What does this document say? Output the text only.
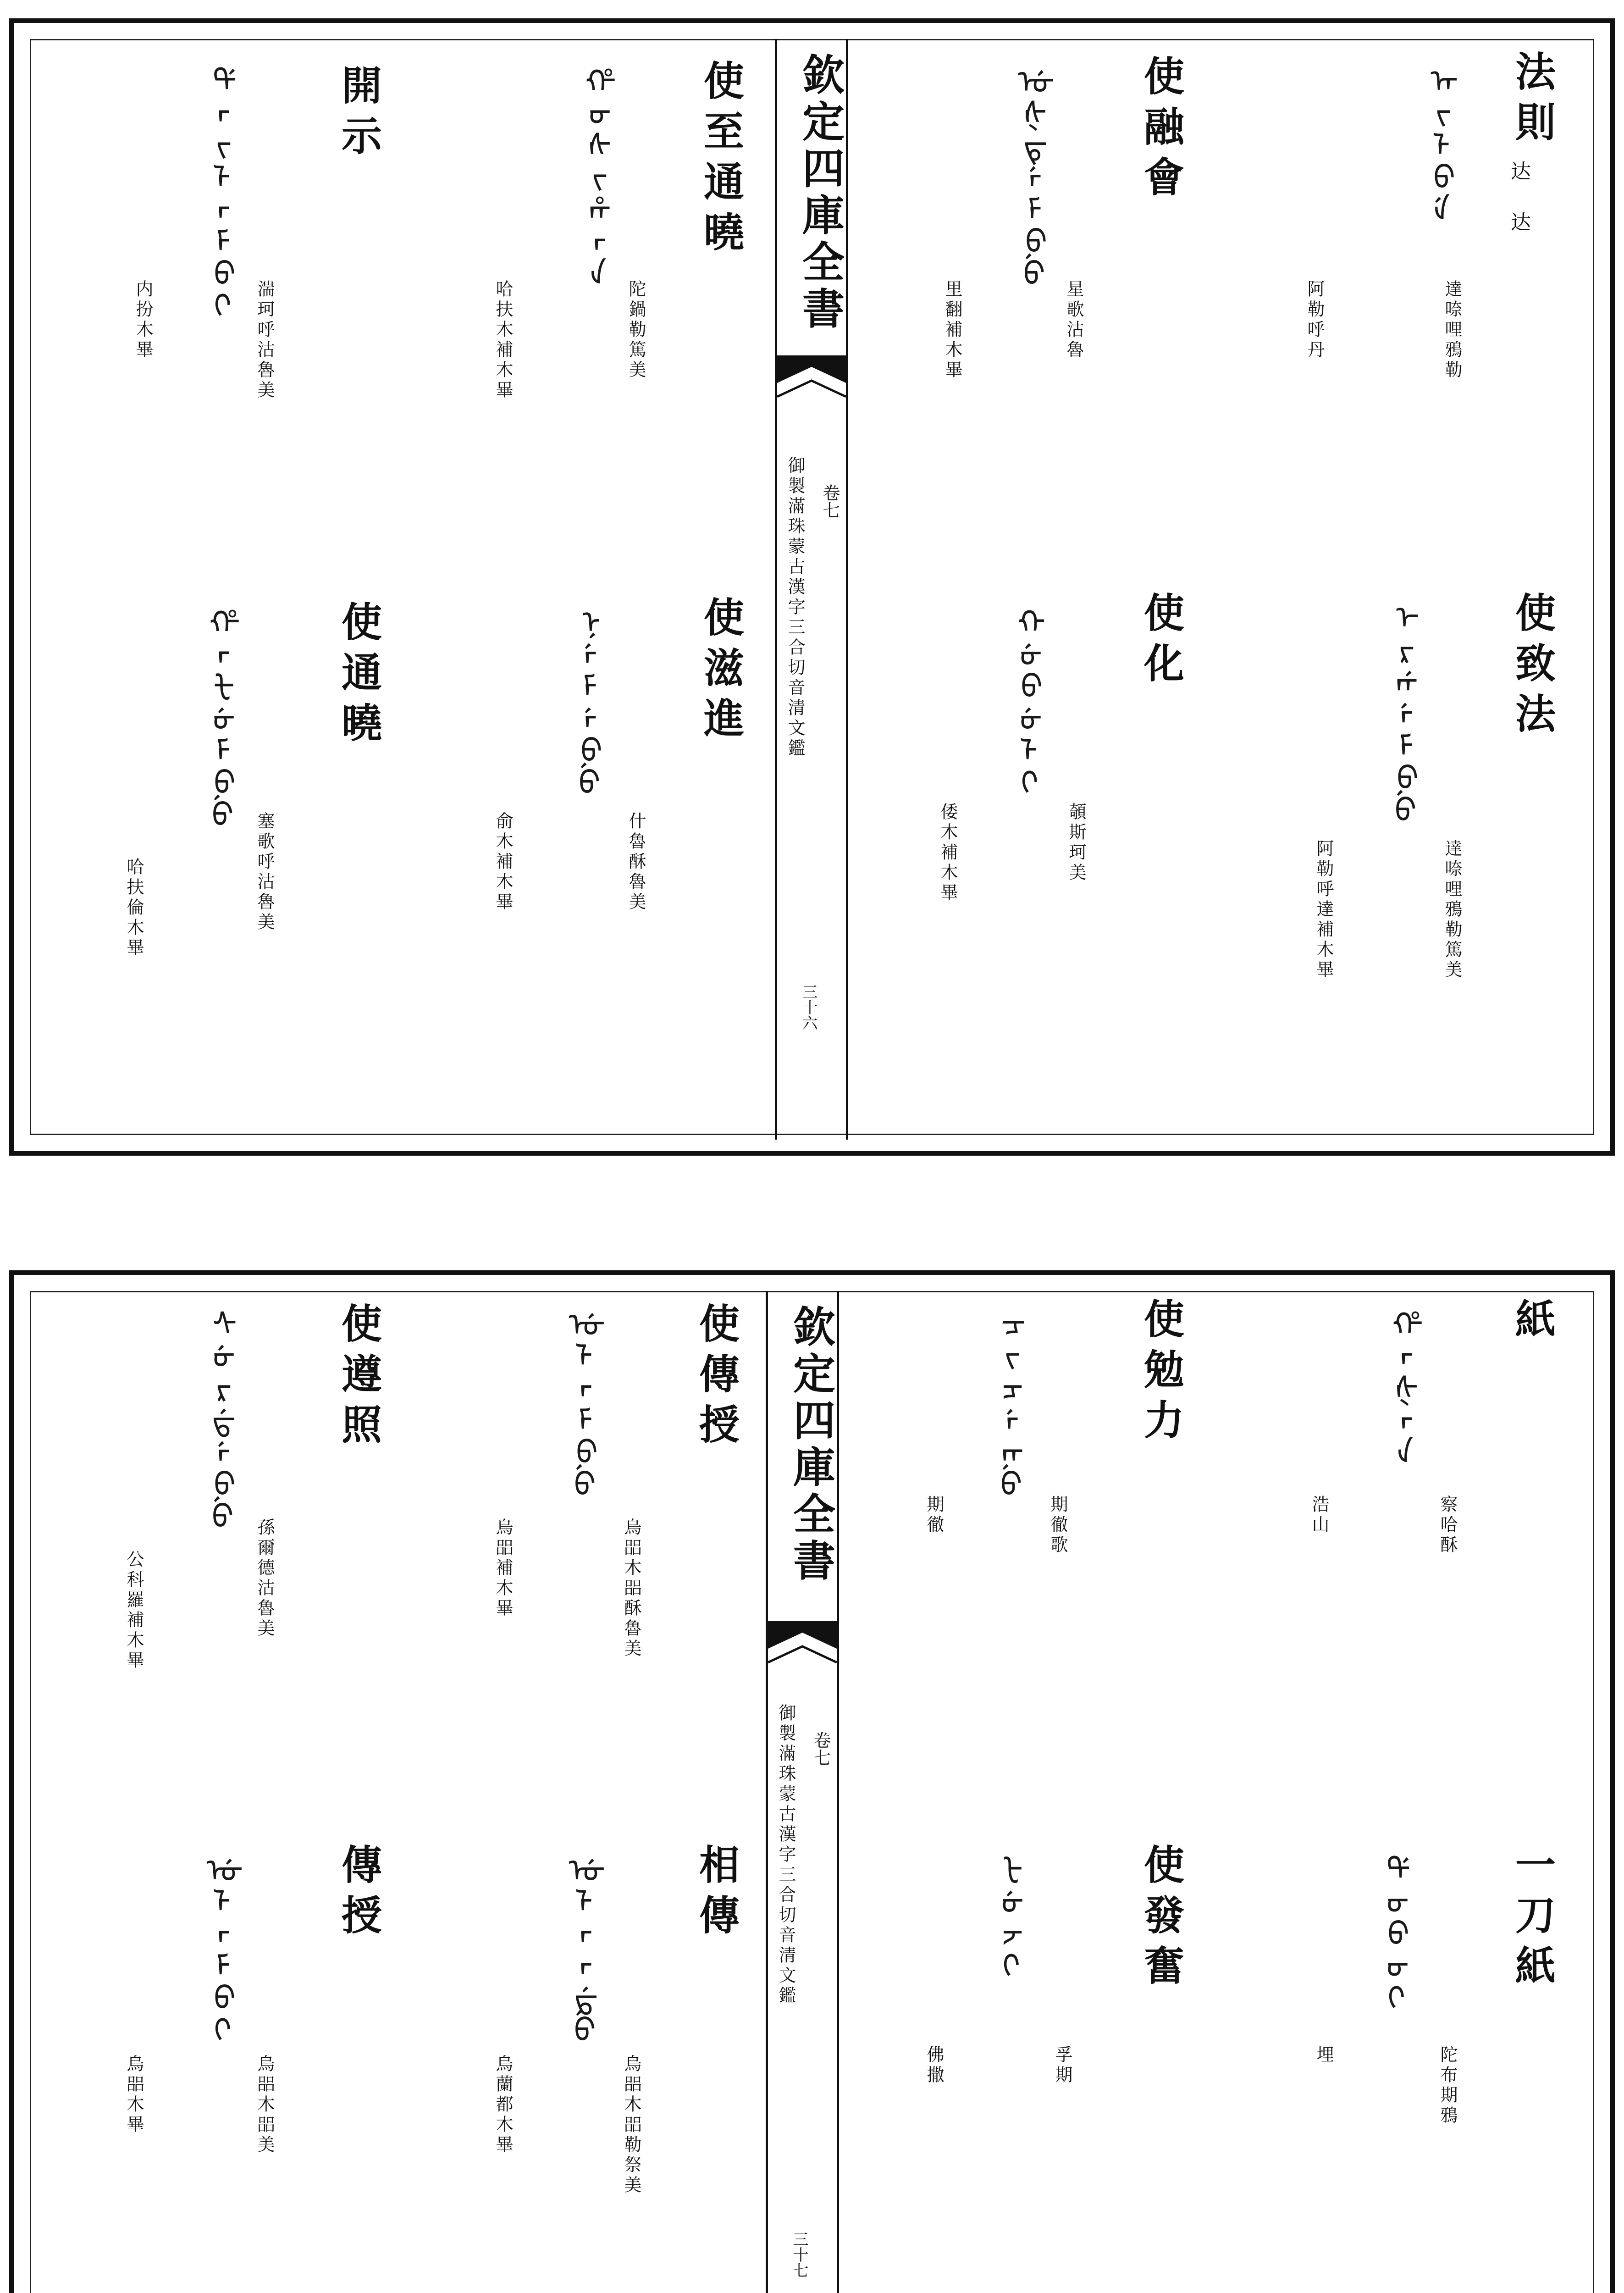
欽定四庫全書
卷七
御製滿珠蒙古漢字三合切音清文鑑
三十六
法則
达 达
ᠠᡳᠯᠪᡝ
達㖠哩鴉勒
阿勒呼丹
使融會
ᡠᡧᡨᡝᠮᠪᡠ
星歌沽魯
里翻補木畢
使致法
ᡝᡵᡤᡝᠮᠪᡠ
達㖠哩鴉勒篤美
阿勒呼達補木畢
使化
ᡴᡠᠪᡠᠯᡳ
䫑斯珂美
倭木補木畢
使至通曉
ᡥᠣᠰᡳᡥᠠᠨ
陀鍋勒篤美
哈扶木補木畢
開示
ᡩᠠᡳᠯᠠᠮᠪᡳ
湍珂呼沽魯美
内扮木畢
使滋進
ᠨᡝᠮᡝᠪᡠ
什魯酥魯美
俞木補木畢
使通曉
ᡥᠠᡶᡠᠮᠪᡠ
塞歌呼沽魯美
哈扶倫木畢
欽定四庫全書
卷七
御製滿珠蒙古漢字三合切音清文鑑
三十七
紙
ᡥᠠᡧᠠᠨ
察哈酥
浩山
使勉力
ᠴᡳᠴᡝᡴᡠ
期徹歌
期徹
一刀紙
ᡩᠣᠪᠣᡳ
陀布期鴉
埋
使發奮
ᡶᡠᠵᡳ
孚期
佛撒
使傳授
ᡠᠯᠠᠮᠪᡠ
烏㗊木㗊酥魯美
烏㗊補木畢
使遵照
ᠰᡠᡵᡩᡝᠪᡠ
孫爾德沽魯美
公科羅補木畢
相傳
ᡠᠯᠠᠨᡩᡠ
烏㗊木㗊勒祭美
烏蘭都木畢
傳授
ᡠᠯᠠᠮᠪᡳ
烏㗊木㗊美
烏㗊木畢
